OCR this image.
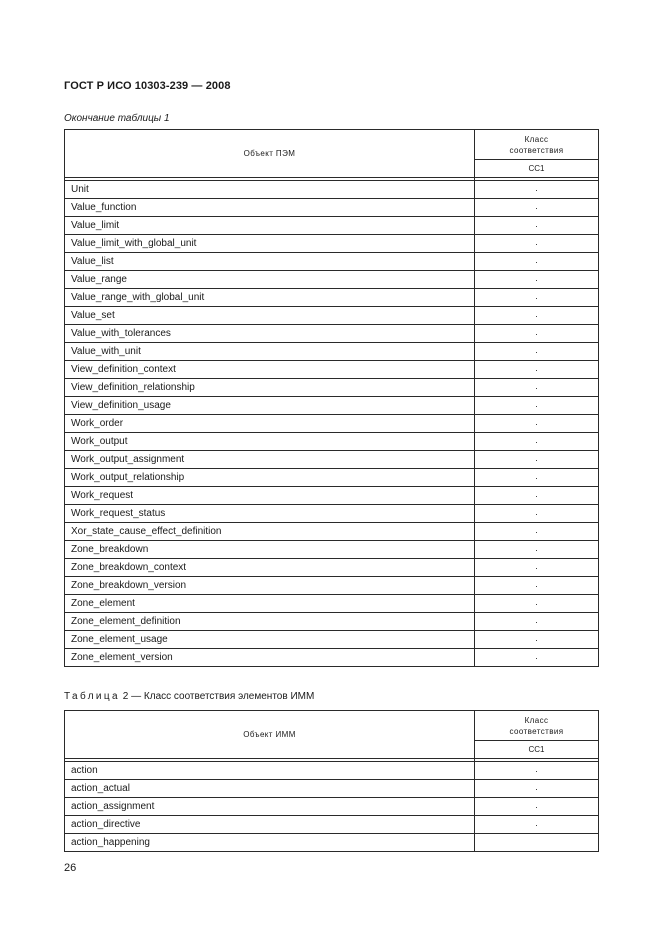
ГОСТ Р ИСО 10303-239 — 2008
Окончание таблицы 1
Объект ПЭМ	Класс
соответствия

	CC1

Unit	·
Value_function	·
Value_limit	·
Value_limit_with_global_unit	·
Value_list	·
Value_range	·
Value_range_with_global_unit	·
Value_set	·
Value_with_tolerances	·
Value_with_unit	·
View_definition_context	·
View_definition_relationship	·
View_definition_usage	·
Work_order	·
Work_output	·
Work_output_assignment	·
Work_output_relationship	·
Work_request	·
Work_request_status	·
Xor_state_cause_effect_definition	·
Zone_breakdown	·
Zone_breakdown_context	·
Zone_breakdown_version	·
Zone_element	·
Zone_element_definition	·
Zone_element_usage	·
Zone_element_version	·
Таблица 2 — Класс соответствия элементов ИММ
Объект ИММ	Класс
соответствия

	CC1

action	·
action_actual	·
action_assignment	·
action_directive	·
action_happening	
26
